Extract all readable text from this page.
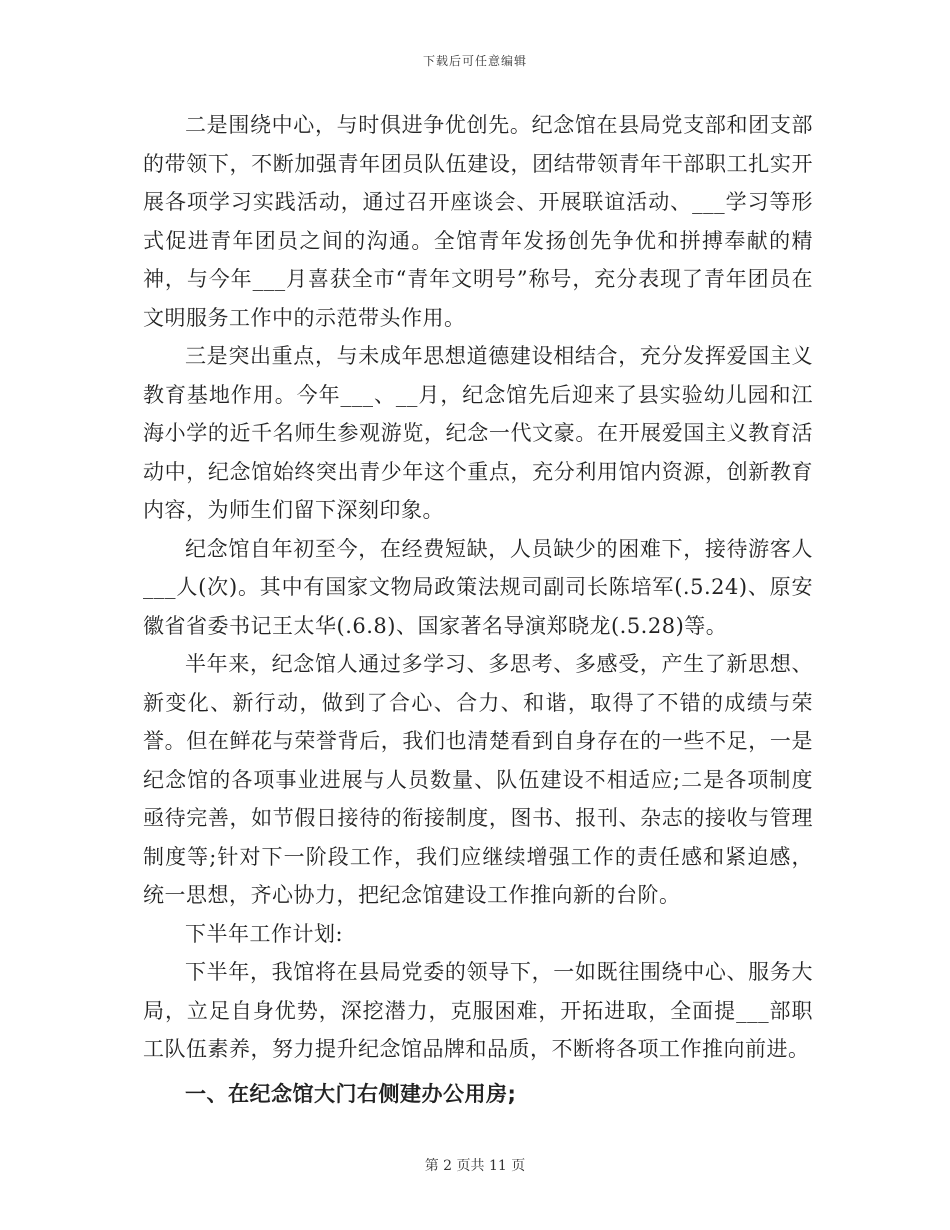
下载后可任意编辑

二是围绕中心，与时俱进争优创先。纪念馆在县局党支部和团支部的带领下，不断加强青年团员队伍建设，团结带领青年干部职工扎实开展各项学习实践活动，通过召开座谈会、开展联谊活动、___学习等形式促进青年团员之间的沟通。全馆青年发扬创先争优和拼搏奉献的精神，与今年___月喜获全市“青年文明号”称号，充分表现了青年团员在文明服务工作中的示范带头作用。

三是突出重点，与未成年思想道德建设相结合，充分发挥爱国主义教育基地作用。今年___、__月，纪念馆先后迎来了县实验幼儿园和江海小学的近千名师生参观游览，纪念一代文豪。在开展爱国主义教育活动中，纪念馆始终突出青少年这个重点，充分利用馆内资源，创新教育内容，为师生们留下深刻印象。

纪念馆自年初至今，在经费短缺，人员缺少的困难下，接待游客人___人(次)。其中有国家文物局政策法规司副司长陈培军(.5.24)、原安徽省省委书记王太华(.6.8)、国家著名导演郑晓龙(.5.28)等。

半年来，纪念馆人通过多学习、多思考、多感受，产生了新思想、新变化、新行动，做到了合心、合力、和谐，取得了不错的成绩与荣誉。但在鲜花与荣誉背后，我们也清楚看到自身存在的一些不足，一是纪念馆的各项事业进展与人员数量、队伍建设不相适应;二是各项制度亟待完善，如节假日接待的衔接制度，图书、报刊、杂志的接收与管理制度等;针对下一阶段工作，我们应继续增强工作的责任感和紧迫感，统一思想，齐心协力，把纪念馆建设工作推向新的台阶。

下半年工作计划:

下半年，我馆将在县局党委的领导下，一如既往围绕中心、服务大局，立足自身优势，深挖潜力，克服困难，开拓进取，全面提___部职工队伍素养，努力提升纪念馆品牌和品质，不断将各项工作推向前进。

一、在纪念馆大门右侧建办公用房;

第 2 页共 11 页
